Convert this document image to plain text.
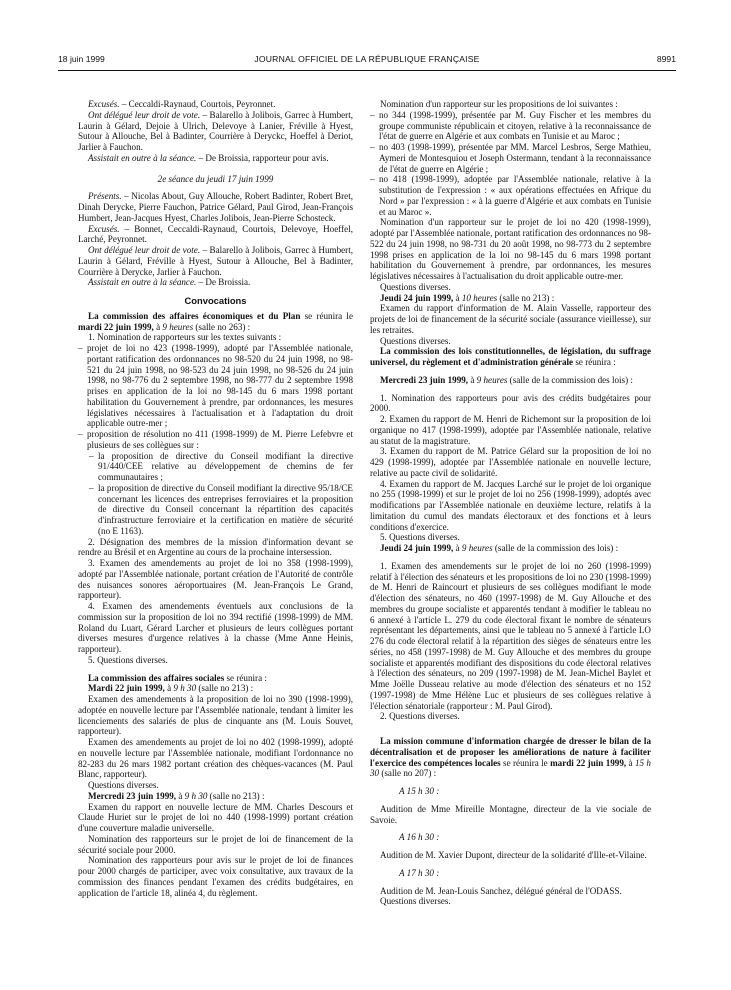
18 juin 1999	JOURNAL OFFICIEL DE LA RÉPUBLIQUE FRANÇAISE	8991

Excusés. – Ceccaldi-Raynaud, Courtois, Peyronnet.

Ont délégué leur droit de vote. – Balarello à Jolibois, Garrec à Humbert, Laurin à Gélard, Dejoie à Ulrich, Delevoye à Lanier, Fréville à Hyest, Sutour à Allouche, Bel à Badinter, Courrière à Deryckc, Hoeffel à Deriot, Jarlier à Fauchon.

Assistait en outre à la séance. – De Broissia, rapporteur pour avis.

2e séance du jeudi 17 juin 1999

Présents. – Nicolas About, Guy Allouche, Robert Badinter, Robert Bret, Dinah Derycke, Pierre Fauchon, Patrice Gélard, Paul Girod, Jean-François Humbert, Jean-Jacques Hyest, Charles Jolibois, Jean-Pierre Schosteck.

Excusés. – Bonnet, Ceccaldi-Raynaud, Courtois, Delevoye, Hoeffel, Larché, Peyronnet.

Ont délégué leur droit de vote. – Balarello à Jolibois, Garrec à Humbert, Laurin à Gélard, Fréville à Hyest, Sutour à Allouche, Bel à Badinter, Courrière à Derycke, Jarlier à Fauchon.

Assistait en outre à la séance. – De Broissia.

Convocations

La commission des affaires économiques et du Plan se réunira le mardi 22 juin 1999, à 9 heures (salle no 263) :

1. Nomination de rapporteurs sur les textes suivants :

– projet de loi no 423 (1998-1999), adopté par l'Assemblée nationale, portant ratification des ordonnances no 98-520 du 24 juin 1998, no 98-521 du 24 juin 1998, no 98-523 du 24 juin 1998, no 98-526 du 24 juin 1998, no 98-776 du 2 septembre 1998, no 98-777 du 2 septembre 1998 prises en application de la loi no 98-145 du 6 mars 1998 portant habilitation du Gouvernement à prendre, par ordonnances, les mesures législatives nécessaires à l'actualisation et à l'adaptation du droit applicable outre-mer ;
– proposition de résolution no 411 (1998-1999) de M. Pierre Lefebvre et plusieurs de ses collègues sur :
– la proposition de directive du Conseil modifiant la directive 91/440/CEE relative au développement de chemins de fer communautaires ;
– la proposition de directive du Conseil modifiant la directive 95/18/CE concernant les licences des entreprises ferroviaires et la proposition de directive du Conseil concernant la répartition des capacités d'infrastructure ferroviaire et la certification en matière de sécurité (no E 1163).

2. Désignation des membres de la mission d'information devant se rendre au Brésil et en Argentine au cours de la prochaine intersession.

3. Examen des amendements au projet de loi no 358 (1998-1999), adopté par l'Assemblée nationale, portant création de l'Autorité de contrôle des nuisances sonores aéroportuaires (M. Jean-François Le Grand, rapporteur).

4. Examen des amendements éventuels aux conclusions de la commission sur la proposition de loi no 394 rectifié (1998-1999) de MM. Roland du Luart, Gérard Larcher et plusieurs de leurs collègues portant diverses mesures d'urgence relatives à la chasse (Mme Anne Heinis, rapporteur).

5. Questions diverses.

La commission des affaires sociales se réunira :

Mardi 22 juin 1999, à 9 h 30 (salle no 213) :

Examen des amendements à la proposition de loi no 390 (1998-1999), adoptée en nouvelle lecture par l'Assemblée nationale, tendant à limiter les licenciements des salariés de plus de cinquante ans (M. Louis Souvet, rapporteur).

Examen des amendements au projet de loi no 402 (1998-1999), adopté en nouvelle lecture par l'Assemblée nationale, modifiant l'ordonnance no 82-283 du 26 mars 1982 portant création des chèques-vacances (M. Paul Blanc, rapporteur).

Questions diverses.

Mercredi 23 juin 1999, à 9 h 30 (salle no 213) :

Examen du rapport en nouvelle lecture de MM. Charles Descours et Claude Huriet sur le projet de loi no 440 (1998-1999) portant création d'une couverture maladie universelle.

Nomination des rapporteurs sur le projet de loi de financement de la sécurité sociale pour 2000.

Nomination des rapporteurs pour avis sur le projet de loi de finances pour 2000 chargés de participer, avec voix consultative, aux travaux de la commission des finances pendant l'examen des crédits budgétaires, en application de l'article 18, alinéa 4, du règlement.

Nomination d'un rapporteur sur les propositions de loi suivantes :

– no 344 (1998-1999), présentée par M. Guy Fischer et les membres du groupe communiste républicain et citoyen, relative à la reconnaissance de l'état de guerre en Algérie et aux combats en Tunisie et au Maroc ;
– no 403 (1998-1999), présentée par MM. Marcel Lesbros, Serge Mathieu, Aymeri de Montesquiou et Joseph Ostermann, tendant à la reconnaissance de l'état de guerre en Algérie ;
– no 418 (1998-1999), adoptée par l'Assemblée nationale, relative à la substitution de l'expression : « aux opérations effectuées en Afrique du Nord » par l'expression : « à la guerre d'Algérie et aux combats en Tunisie et au Maroc ».

Nomination d'un rapporteur sur le projet de loi no 420 (1998-1999), adopté par l'Assemblée nationale, portant ratification des ordonnances no 98-522 du 24 juin 1998, no 98-731 du 20 août 1998, no 98-773 du 2 septembre 1998 prises en application de la loi no 98-145 du 6 mars 1998 portant habilitation du Gouvernement à prendre, par ordonnances, les mesures législatives nécessaires à l'actualisation du droit applicable outre-mer.

Questions diverses.

Jeudi 24 juin 1999, à 10 heures (salle no 213) :

Examen du rapport d'information de M. Alain Vasselle, rapporteur des projets de loi de financement de la sécurité sociale (assurance vieillesse), sur les retraites.

Questions diverses.

La commission des lois constitutionnelles, de législation, du suffrage universel, du règlement et d'administration générale se réunira :

Mercredi 23 juin 1999, à 9 heures (salle de la commission des lois) :

1. Nomination des rapporteurs pour avis des crédits budgétaires pour 2000.

2. Examen du rapport de M. Henri de Richemont sur la proposition de loi organique no 417 (1998-1999), adoptée par l'Assemblée nationale, relative au statut de la magistrature.

3. Examen du rapport de M. Patrice Gélard sur la proposition de loi no 429 (1998-1999), adoptée par l'Assemblée nationale en nouvelle lecture, relative au pacte civil de solidarité.

4. Examen du rapport de M. Jacques Larché sur le projet de loi organique no 255 (1998-1999) et sur le projet de loi no 256 (1998-1999), adoptés avec modifications par l'Assemblée nationale en deuxième lecture, relatifs à la limitation du cumul des mandats électoraux et des fonctions et à leurs conditions d'exercice.

5. Questions diverses.

Jeudi 24 juin 1999, à 9 heures (salle de la commission des lois) :

1. Examen des amendements sur le projet de loi no 260 (1998-1999) relatif à l'élection des sénateurs et les propositions de loi no 230 (1998-1999) de M. Henri de Raincourt et plusieurs de ses collègues modifiant le mode d'élection des sénateurs, no 460 (1997-1998) de M. Guy Allouche et des membres du groupe socialiste et apparentés tendant à modifier le tableau no 6 annexé à l'article L. 279 du code électoral fixant le nombre de sénateurs représentant les départements, ainsi que le tableau no 5 annexé à l'article LO 276 du code électoral relatif à la répartition des sièges de sénateurs entre les séries, no 458 (1997-1998) de M. Guy Allouche et des membres du groupe socialiste et apparentés modifiant des dispositions du code électoral relatives à l'élection des sénateurs, no 209 (1997-1998) de M. Jean-Michel Baylet et Mme Joëlle Dusseau relative au mode d'élection des sénateurs et no 152 (1997-1998) de Mme Hélène Luc et plusieurs de ses collègues relative à l'élection sénatoriale (rapporteur : M. Paul Girod).

2. Questions diverses.

La mission commune d'information chargée de dresser le bilan de la décentralisation et de proposer les améliorations de nature à faciliter l'exercice des compétences locales se réunira le mardi 22 juin 1999, à 15 h 30 (salle no 207) :

A 15 h 30 :

Audition de Mme Mireille Montagne, directeur de la vie sociale de Savoie.

A 16 h 30 :

Audition de M. Xavier Dupont, directeur de la solidarité d'Ille-et-Vilaine.

A 17 h 30 :

Audition de M. Jean-Louis Sanchez, délégué général de l'ODASS.

Questions diverses.
